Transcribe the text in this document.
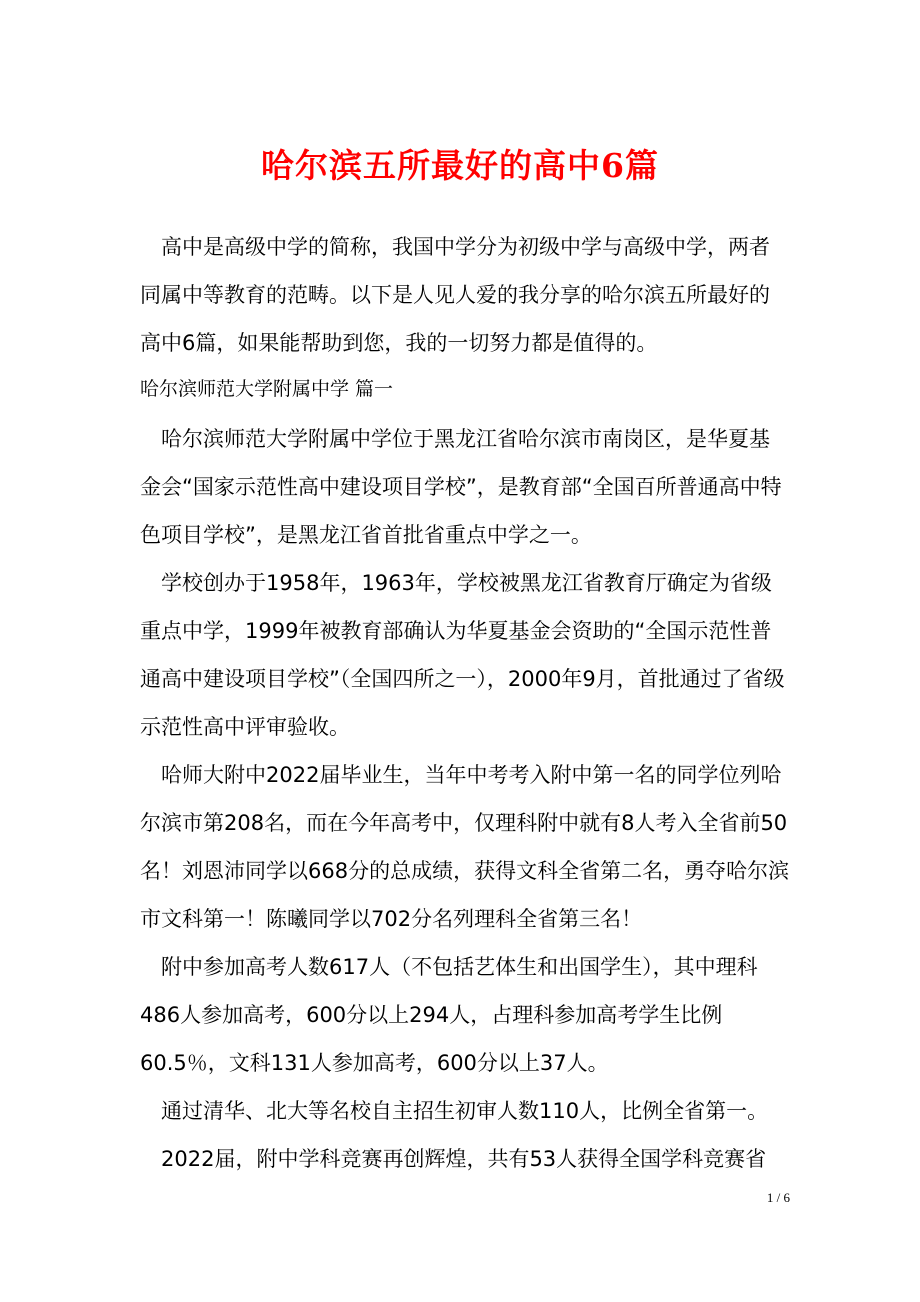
哈尔滨五所最好的高中6篇

高中是高级中学的简称，我国中学分为初级中学与高级中学，两者同属中等教育的范畴。以下是人见人爱的我分享的哈尔滨五所最好的高中6篇，如果能帮助到您，我的一切努力都是值得的。

哈尔滨师范大学附属中学 篇一

哈尔滨师范大学附属中学位于黑龙江省哈尔滨市南岗区，是华夏基金会“国家示范性高中建设项目学校”，是教育部“全国百所普通高中特色项目学校”，是黑龙江省首批省重点中学之一。

学校创办于1958年，1963年，学校被黑龙江省教育厅确定为省级重点中学，1999年被教育部确认为华夏基金会资助的“全国示范性普通高中建设项目学校”（全国四所之一），2000年9月，首批通过了省级示范性高中评审验收。

哈师大附中2022届毕业生，当年中考考入附中第一名的同学位列哈尔滨市第208名，而在今年高考中，仅理科附中就有8人考入全省前50名！刘恩沛同学以668分的总成绩，获得文科全省第二名，勇夺哈尔滨市文科第一！陈曦同学以702分名列理科全省第三名！

附中参加高考人数617人（不包括艺体生和出国学生），其中理科486人参加高考，600分以上294人，占理科参加高考学生比例60.5％，文科131人参加高考，600分以上37人。

通过清华、北大等名校自主招生初审人数110人，比例全省第一。

2022届，附中学科竞赛再创辉煌，共有53人获得全国学科竞赛省

1 / 6
